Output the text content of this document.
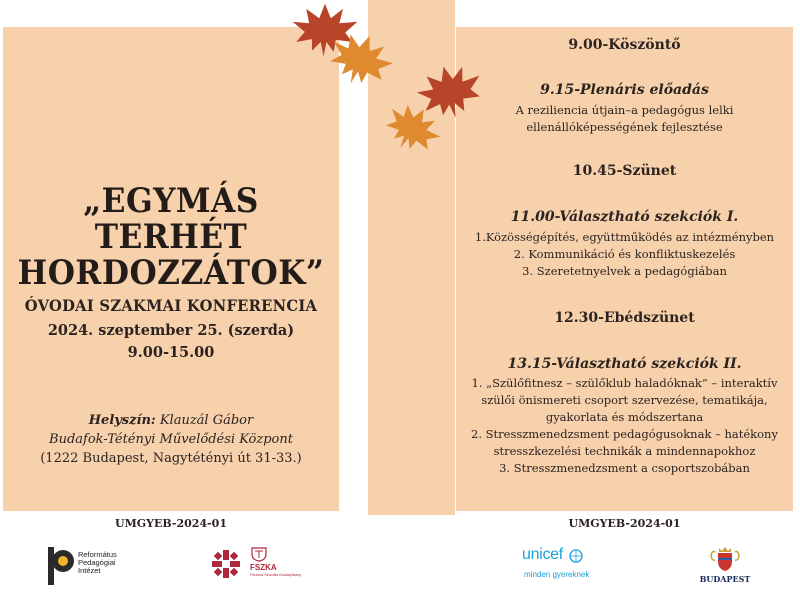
„EGYMÁS TERHÉT
HORDOZZÁTOK”
ÓVODAI SZAKMAI KONFERENCIA
2024. szeptember 25. (szerda)
9.00-15.00
Helyszín: Klauzál Gábor
Budafok-Tétényi Művelődési Központ
(1222 Budapest, Nagytétényi út 31-33.)
9.00-Köszöntő
9.15-Plenáris előadás
A reziliencia útjain–a pedagógus lelki
ellenállóképességének fejlesztése
10.45-Szünet
11.00-Választható szekciók I.
1.Közösségépítés, együttműködés az intézményben
2. Kommunikáció és konfliktuskezelés
3. Szeretetnyelvek a pedagógiában
12.30-Ebédszünet
13.15-Választható szekciók II.
1. „Szülőfitnesz – szülőklub haladóknak” – interaktív
szülői önismereti csoport szervezése, tematikája,
gyakorlata és módszertana
2. Stresszmenedzsment pedagógusoknak – hatékony
stresszkezelési technikák a mindennapokhoz
3. Stresszmenedzsment a csoportszobában
UMGYEB-2024-01	UMGYEB-2024-01
Református
Pedagógiai
Intézet	FSZKA
Fővárosi Szociális Közalapítvány
unicef
minden gyereknek	BUDAPEST
